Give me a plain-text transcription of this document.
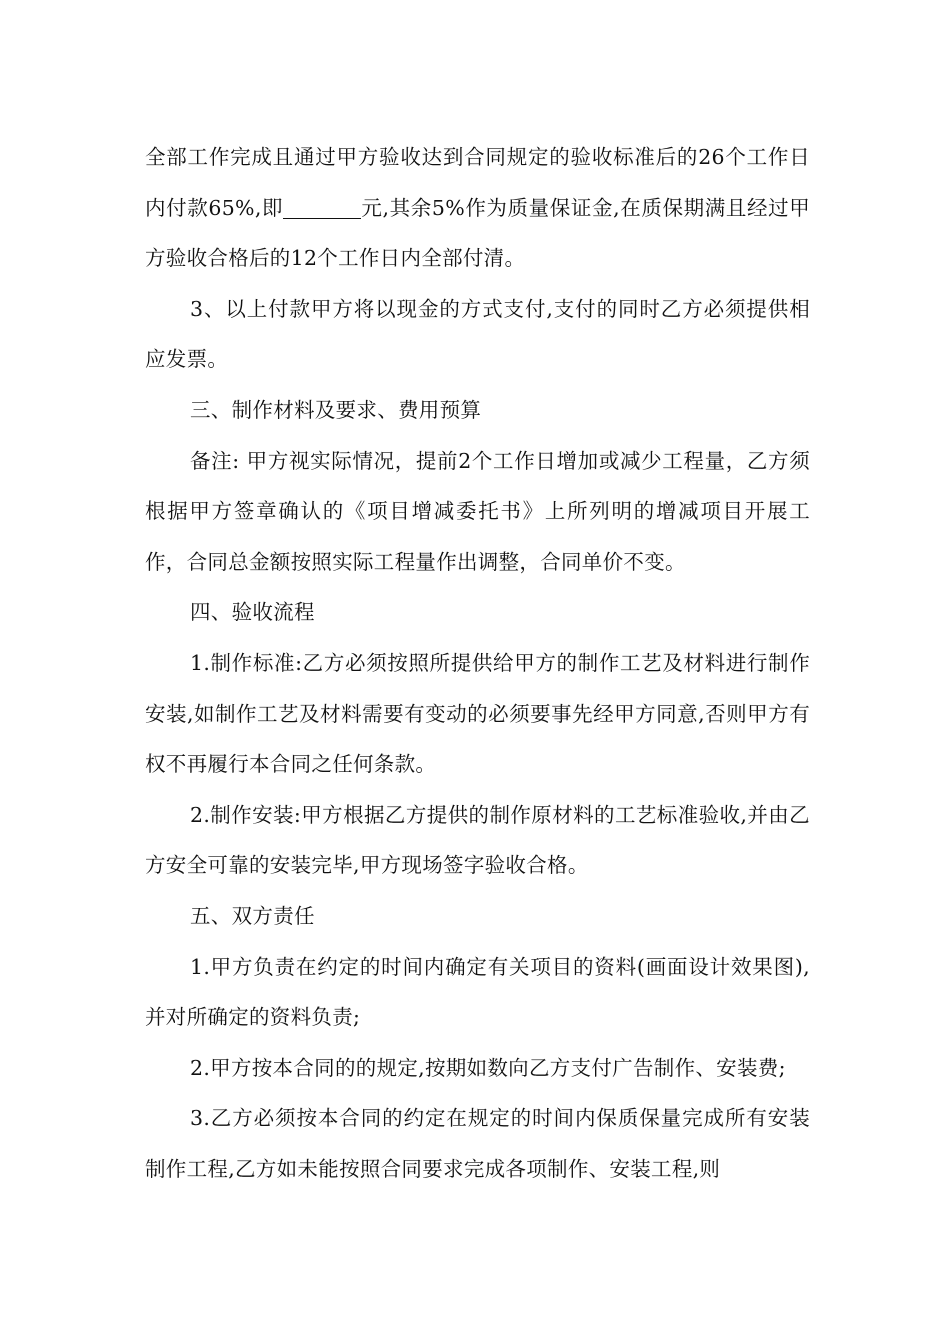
全部工作完成且通过甲方验收达到合同规定的验收标准后的26个工作日内付款65%,即	元,其余5%作为质量保证金,在质保期满且经过甲方验收合格后的12个工作日内全部付清。

3、以上付款甲方将以现金的方式支付,支付的同时乙方必须提供相应发票。

三、制作材料及要求、费用预算

备注: 甲方视实际情况，提前2个工作日增加或减少工程量，乙方须根据甲方签章确认的《项目增减委托书》上所列明的增减项目开展工作，合同总金额按照实际工程量作出调整，合同单价不变。

四、验收流程

1.制作标准:乙方必须按照所提供给甲方的制作工艺及材料进行制作安装,如制作工艺及材料需要有变动的必须要事先经甲方同意,否则甲方有权不再履行本合同之任何条款。

2.制作安装:甲方根据乙方提供的制作原材料的工艺标准验收,并由乙方安全可靠的安装完毕,甲方现场签字验收合格。

五、双方责任

1.甲方负责在约定的时间内确定有关项目的资料(画面设计效果图),并对所确定的资料负责;

2.甲方按本合同的的规定,按期如数向乙方支付广告制作、安装费;

3.乙方必须按本合同的约定在规定的时间内保质保量完成所有安装制作工程,乙方如未能按照合同要求完成各项制作、安装工程,则
